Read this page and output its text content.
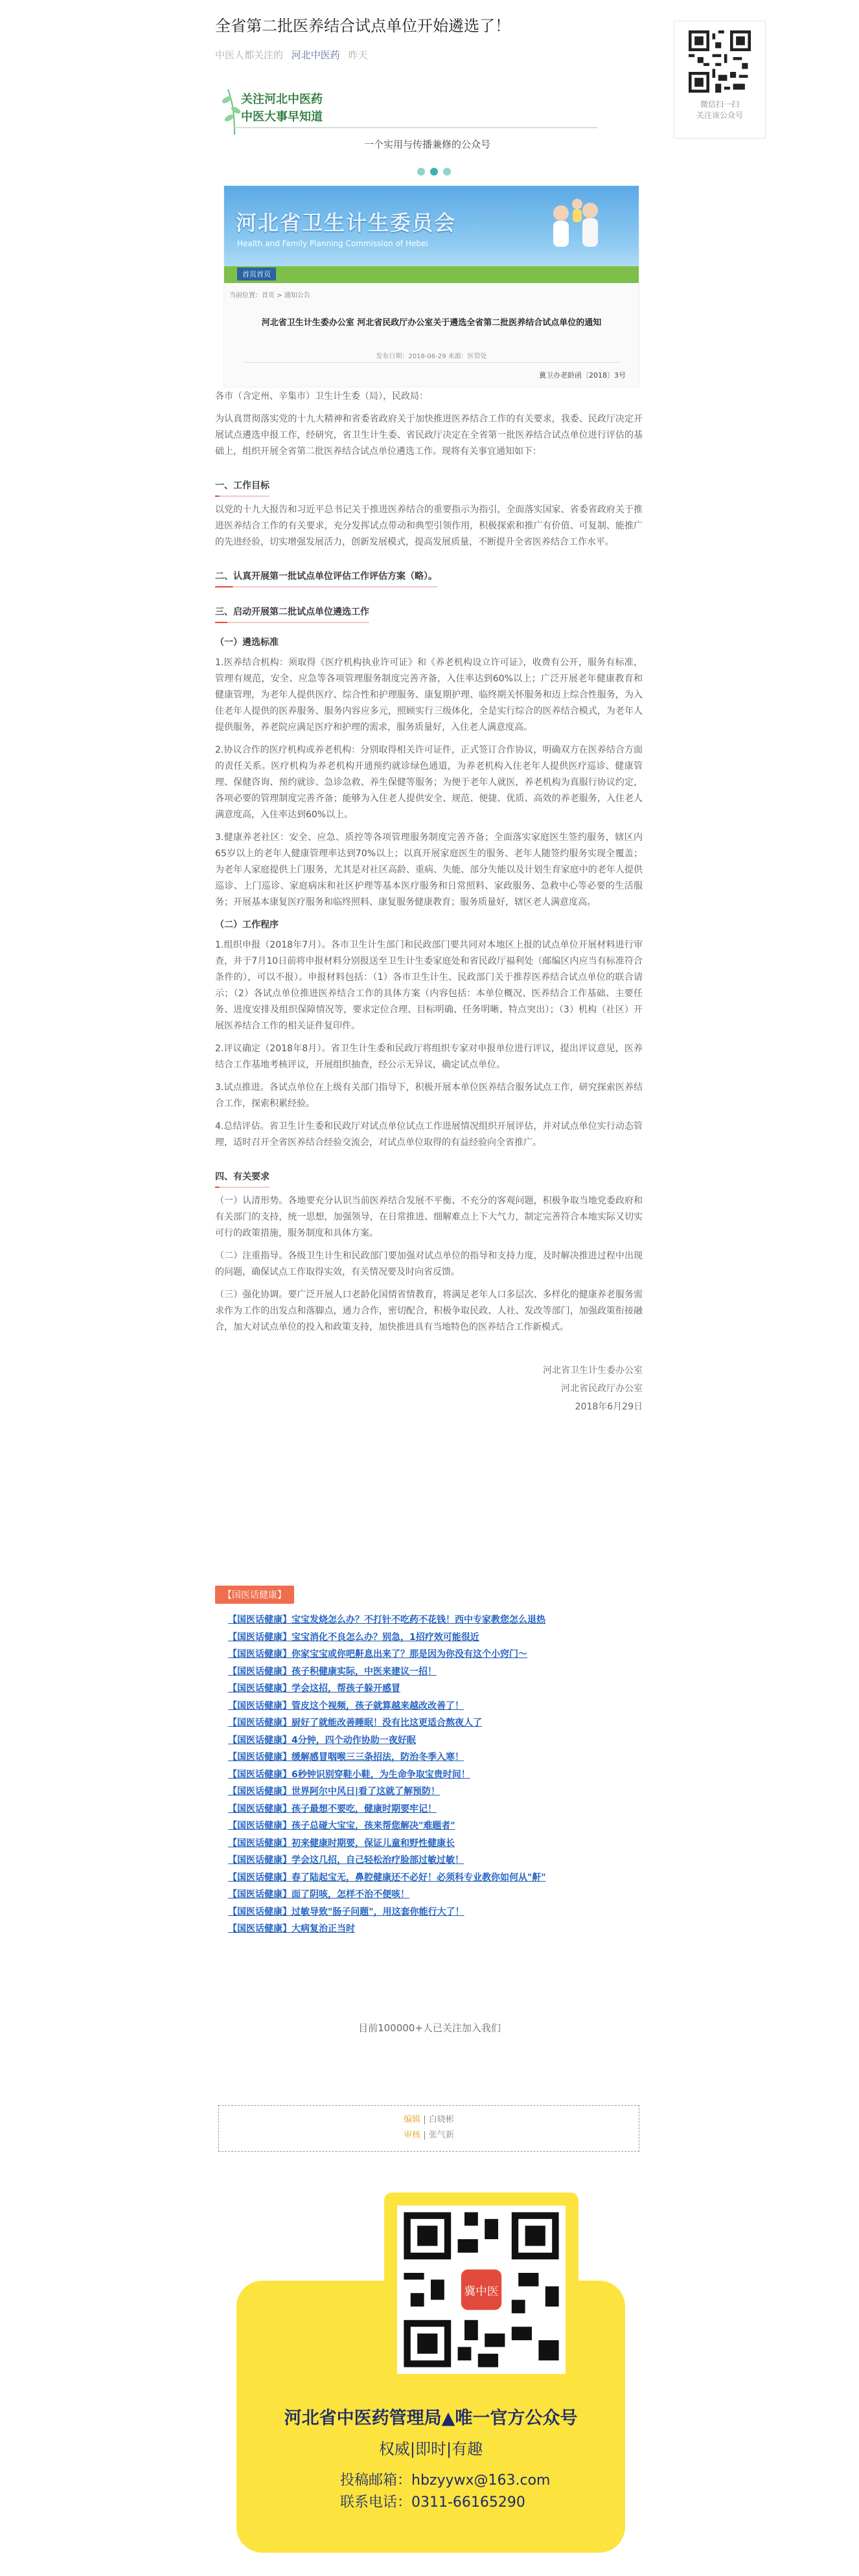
全省第二批医养结合试点单位开始遴选了！
中医人都关注的 河北中医药 昨天
微信扫一扫
关注该公众号
关注河北中医药
中医大事早知道
一个实用与传播兼修的公众号
河北省卫生计生委员会
Health and Family Planning Commission of Hebei
首页首页
当前位置：首页 > 通知公告
河北省卫生计生委办公室 河北省民政厅办公室关于遴选全省第二批医养结合试点单位的通知
发布日期：2018-06-29 来源：医管处
冀卫办老龄函〔2018〕3号

各市（含定州、辛集市）卫生计生委（局），民政局：

为认真贯彻落实党的十九大精神和省委省政府关于加快推进医养结合工作的有关要求，我委、民政厅决定开展试点遴选申报工作，经研究，省卫生计生委、省民政厅决定在全省第一批医养结合试点单位进行评估的基础上，组织开展全省第二批医养结合试点单位遴选工作。现将有关事宜通知如下：

一、工作目标

以党的十九大报告和习近平总书记关于推进医养结合的重要指示为指引，全面落实国家、省委省政府关于推进医养结合工作的有关要求，充分发挥试点带动和典型引领作用，积极探索和推广有价值、可复制、能推广的先进经验，切实增强发展活力，创新发展模式，提高发展质量，不断提升全省医养结合工作水平。

二、认真开展第一批试点单位评估工作评估方案（略）。

三、启动开展第二批试点单位遴选工作
（一）遴选标准

1.医养结合机构：须取得《医疗机构执业许可证》和《养老机构设立许可证》，收费有公开，服务有标准，管理有规范，安全、应急等各项管理服务制度完善齐备，入住率达到60%以上；广泛开展老年健康教育和健康管理，为老年人提供医疗、综合性和护理服务、康复期护理、临终期关怀服务和迈上综合性服务，为入住老年人提供的医养服务、服务内容应多元，照顾实行三级体化，全是实行综合的医养结合模式，为老年人提供服务，养老院应满足医疗和护理的需求，服务质量好，入住老人满意度高。

2.协议合作的医疗机构或养老机构：分别取得相关许可证件，正式签订合作协议，明确双方在医养结合方面的责任关系。医疗机构为养老机构开通预约就诊绿色通道，为养老机构入住老年人提供医疗巡诊、健康管理、保健咨询、预约就诊、急诊急救、养生保健等服务；为便于老年人就医，养老机构为真服行协议约定，各项必要的管理制度完善齐备；能够为入住老人提供安全、规范、便捷、优质、高效的养老服务，入住老人满意度高，入住率达到60%以上。

3.健康养老社区：安全、应急、质控等各项管理服务制度完善齐备；全面落实家庭医生签约服务，辖区内65岁以上的老年人健康管理率达到70%以上；以真开展家庭医生的服务、老年人随签约服务实现全覆盖；为老年人家庭提供上门服务，尤其是对社区高龄、重病、失能、部分失能以及计划生育家庭中的老年人提供巡诊、上门巡诊、家庭病床和社区护理等基本医疗服务和日常照料、家政服务、急救中心等必要的生活服务；开展基本康复医疗服务和临终照料、康复服务健康教育；服务质量好，辖区老人满意度高。

（二）工作程序

1.组织申报（2018年7月）。各市卫生计生部门和民政部门要共同对本地区上报的试点单位开展材料进行审查，并于7月10日前将申报材料分别报送至卫生计生委家庭处和省民政厅福利处（邮编区内应当有标准符合条件的），可以不报）。申报材料包括：（1）各市卫生计生、民政部门关于推荐医养结合试点单位的联合请示；（2）各试点单位推进医养结合工作的具体方案（内容包括：本单位概况、医养结合工作基础、主要任务、进度安排及组织保障情况等，要求定位合理、目标明确、任务明晰、特点突出）；（3）机构（社区）开展医养结合工作的相关证件复印件。

2.评议确定（2018年8月）。省卫生计生委和民政厅将组织专家对申报单位进行评议，提出评议意见，医养结合工作基地考核评议，开展组织抽查，经公示无异议，确定试点单位。

3.试点推进。各试点单位在上级有关部门指导下，积极开展本单位医养结合服务试点工作，研究探索医养结合工作，探索积累经验。

4.总结评估。省卫生计生委和民政厅对试点单位试点工作进展情况组织开展评估，并对试点单位实行动态管理，适时召开全省医养结合经验交流会，对试点单位取得的有益经验向全省推广。

四、有关要求

（一）认清形势。各地要充分认识当前医养结合发展不平衡、不充分的客观问题，积极争取当地党委政府和有关部门的支持，统一思想，加强领导，在日常推进、细解难点上下大气力，制定完善符合本地实际又切实可行的政策措施，服务制度和具体方案。

（二）注重指导。各级卫生计生和民政部门要加强对试点单位的指导和支持力度，及时解决推进过程中出现的问题，确保试点工作取得实效，有关情况要及时向省反馈。

（三）强化协调。要广泛开展人口老龄化国情省情教育，将满足老年人口多层次、多样化的健康养老服务需求作为工作的出发点和落脚点，通力合作，密切配合，积极争取民政、人社、发改等部门，加强政策衔接融合，加大对试点单位的投入和政策支持，加快推进具有当地特色的医养结合工作新模式。

河北省卫生计生委办公室
河北省民政厅办公室
2018年6月29日
【国医话健康】
【国医话健康】宝宝发烧怎么办？不打针不吃药不花钱！西中专家教您怎么退热
【国医话健康】宝宝消化不良怎么办？别急，1招疗效可能很近
【国医话健康】你家宝宝或你吧鼾息出来了？那是因为你没有这个小窍门～
【国医话健康】孩子积健康实际，中医来建议一招！
【国医话健康】学会这招，帮孩子躲开感冒
【国医话健康】管皮这个视频，孩子就算越来越改改善了！
【国医话健康】厨好了就能改善睡眠！没有比这更适合熬夜人了
【国医话健康】4分钟，四个动作协助一夜好眠
【国医话健康】缓解感冒咽喉三三条招法，防治冬季入寒！
【国医话健康】6秒钟识别穿鞋小鞋，为生命争取宝贵时间！
【国医话健康】世界阿尔中风日|看了这就了解预防！
【国医话健康】孩子最想不要吃，健康时期要牢记！
【国医话健康】孩子总碰大宝宝，孩来帮您解决"难题者"
【国医话健康】初来健康时期要，保证儿童和野性健康长
【国医话健康】学会这几招，自己轻松治疗脸部过敏过敏！
【国医话健康】春了陆起宝无，鼻腔健康还不必好！必须科专业教你如何从"鼾"
【国医话健康】面了阴咳，怎样不治不便咳！
【国医话健康】过敏导致"肠子问题"，用这套你能行大了！
【国医话健康】大病复治正当时
目前100000+人已关注加入我们
编辑 | 白晓彬
审核 | 张气新
冀中医
河北省中医药管理局▲唯一官方公众号
权威|即时|有趣
投稿邮箱：hbzyywx@163.com
联系电话：0311-66165290
